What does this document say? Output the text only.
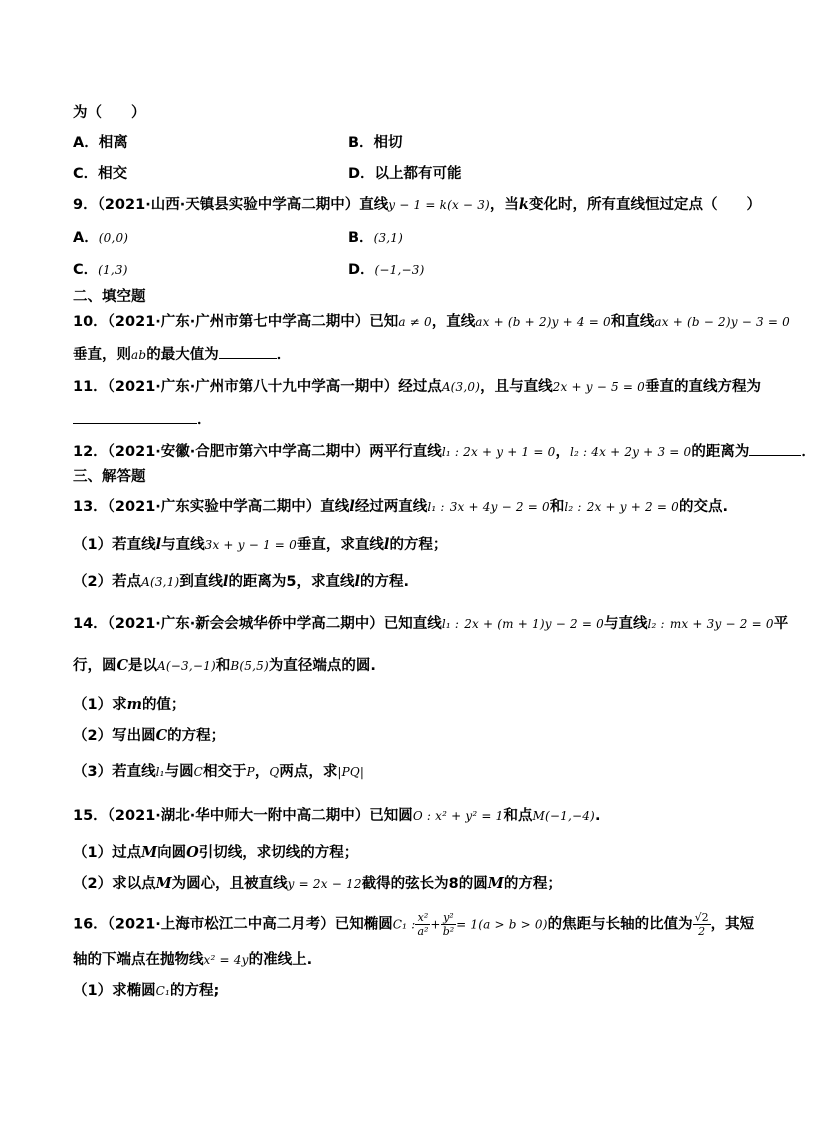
为（　　）
A．相离	B．相切
C．相交	D．以上都有可能
9．（2021·山西·天镇县实验中学高二期中）直线y − 1 = k(x − 3)，当k变化时，所有直线恒过定点（　　）
A．(0,0)	B．(3,1)
C．(1,3)	D．(−1,−3)
二、填空题
10．（2021·广东·广州市第七中学高二期中）已知a ≠ 0，直线ax + (b + 2)y + 4 = 0和直线ax + (b − 2)y − 3 = 0
垂直，则ab的最大值为	．
11．（2021·广东·广州市第八十九中学高一期中）经过点A(3,0)，且与直线2x + y − 5 = 0垂直的直线方程为
．
12．（2021·安徽·合肥市第六中学高二期中）两平行直线l₁ : 2x + y + 1 = 0，l₂ : 4x + 2y + 3 = 0的距离为	．
三、解答题
13．（2021·广东实验中学高二期中）直线l经过两直线l₁ : 3x + 4y − 2 = 0和l₂ : 2x + y + 2 = 0的交点.
（1）若直线l与直线3x + y − 1 = 0垂直，求直线l的方程；
（2）若点A(3,1)到直线l的距离为5，求直线l的方程.
14．（2021·广东·新会会城华侨中学高二期中）已知直线l₁ : 2x + (m + 1)y − 2 = 0与直线l₂ : mx + 3y − 2 = 0平
行，圆C是以A(−3,−1)和B(5,5)为直径端点的圆.
（1）求m的值；
（2）写出圆C的方程；
（3）若直线l₁与圆C相交于P，Q两点，求|PQ|
15．（2021·湖北·华中师大一附中高二期中）已知圆O : x² + y² = 1和点M(−1,−4).
（1）过点M向圆O引切线，求切线的方程；
（2）求以点M为圆心，且被直线y = 2x − 12截得的弦长为8的圆M的方程；
16．（2021·上海市松江二中高二月考）已知椭圆C₁ : $\frac{\text{x²}}{\text{a²}} + \frac{\text{y²}}{\text{b²}} = 1(a > b > 0)$的焦距与长轴的比值为 $\frac{√2}{2}$ ，其短
轴的下端点在抛物线x² = 4y的准线上.
（1）求椭圆C₁的方程;
